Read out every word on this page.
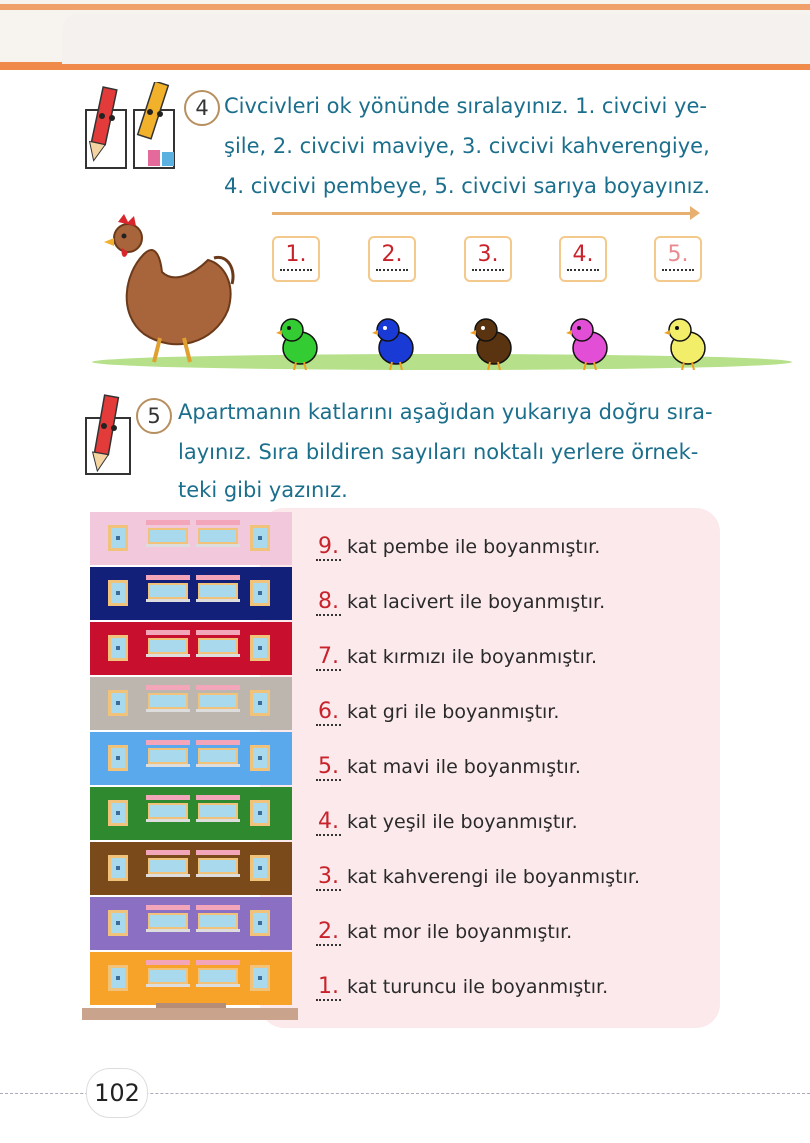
4 Civcivleri ok yönünde sıralayınız. 1. civcivi ye-
şile, 2. civcivi maviye, 3. civcivi kahverengiye,
4. civcivi pembeye, 5. civcivi sarıya boyayınız.
1.	2.	3.	4.	5.
5 Apartmanın katlarını aşağıdan yukarıya doğru sıra-
layınız. Sıra bildiren sayıları noktalı yerlere örnek-
teki gibi yazınız.
9. kat pembe ile boyanmıştır.
8. kat lacivert ile boyanmıştır.
7. kat kırmızı ile boyanmıştır.
6. kat gri ile boyanmıştır.
5. kat mavi ile boyanmıştır.
4. kat yeşil ile boyanmıştır.
3. kat kahverengi ile boyanmıştır.
2. kat mor ile boyanmıştır.
1. kat turuncu ile boyanmıştır.
102
